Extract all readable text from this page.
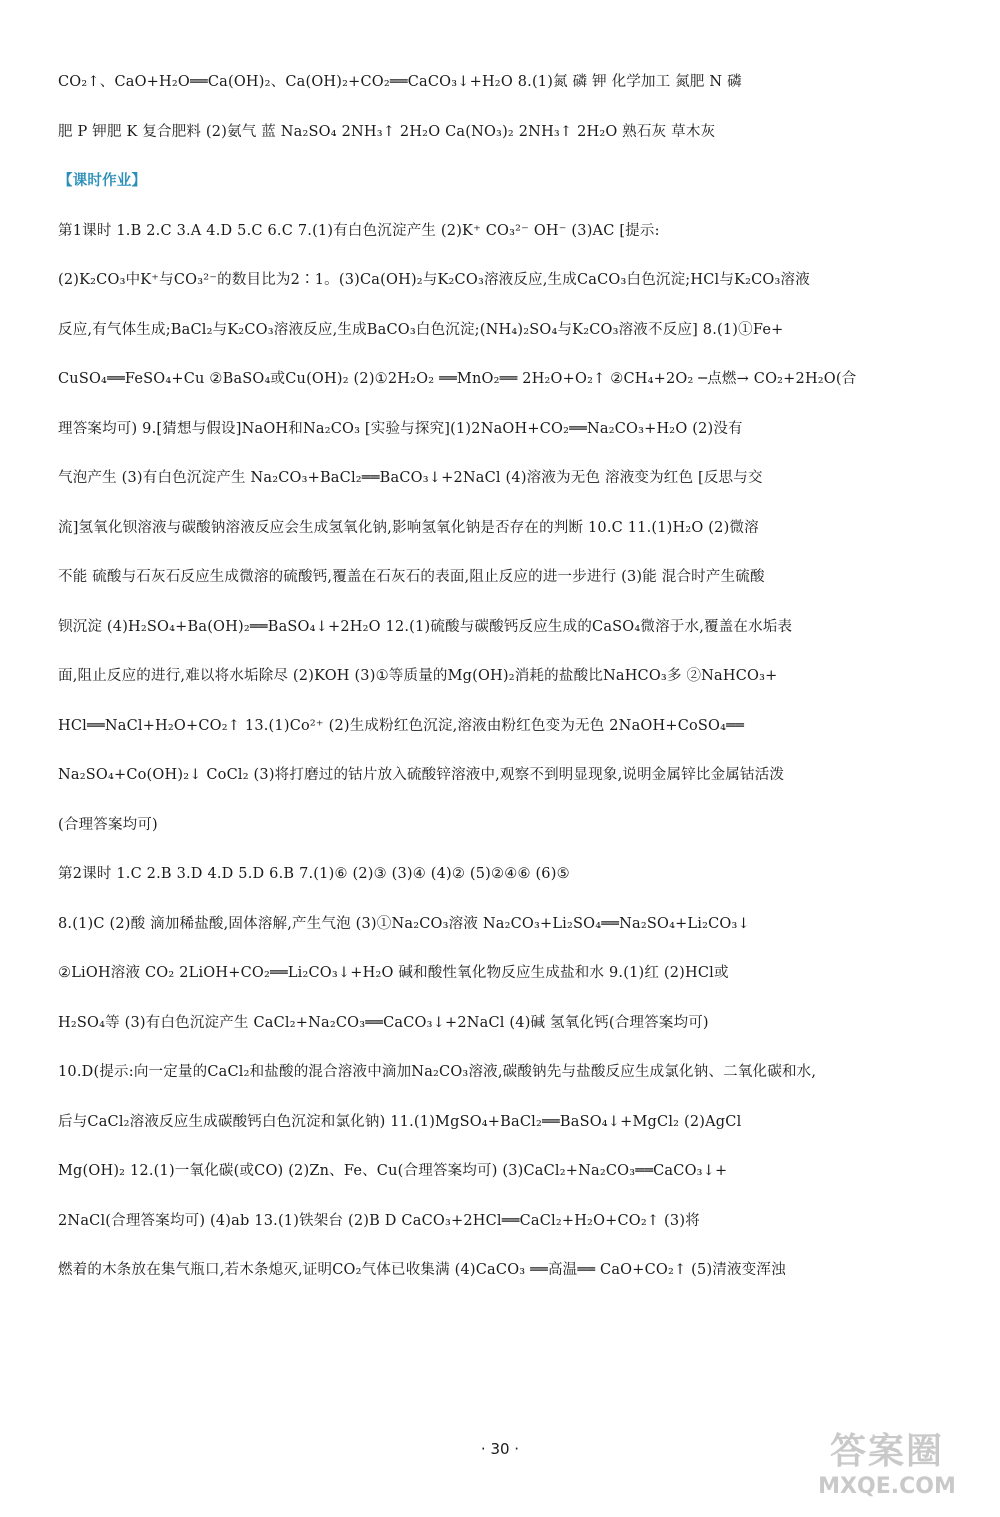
CO₂↑、CaO+H₂O══Ca(OH)₂、Ca(OH)₂+CO₂══CaCO₃↓+H₂O 8.(1)氮 磷 钾 化学加工 氮肥 N 磷
肥 P 钾肥 K 复合肥料 (2)氨气 蓝 Na₂SO₄ 2NH₃↑ 2H₂O Ca(NO₃)₂ 2NH₃↑ 2H₂O 熟石灰 草木灰
【课时作业】
第1课时 1.B 2.C 3.A 4.D 5.C 6.C 7.(1)有白色沉淀产生 (2)K⁺ CO₃²⁻ OH⁻ (3)AC [提示:
(2)K₂CO₃中K⁺与CO₃²⁻的数目比为2∶1。(3)Ca(OH)₂与K₂CO₃溶液反应,生成CaCO₃白色沉淀;HCl与K₂CO₃溶液
反应,有气体生成;BaCl₂与K₂CO₃溶液反应,生成BaCO₃白色沉淀;(NH₄)₂SO₄与K₂CO₃溶液不反应] 8.(1)①Fe+
CuSO₄══FeSO₄+Cu ②BaSO₄或Cu(OH)₂ (2)①2H₂O₂ ══MnO₂══ 2H₂O+O₂↑ ②CH₄+2O₂ ─点燃→ CO₂+2H₂O(合
理答案均可) 9.[猜想与假设]NaOH和Na₂CO₃ [实验与探究](1)2NaOH+CO₂══Na₂CO₃+H₂O (2)没有
气泡产生 (3)有白色沉淀产生 Na₂CO₃+BaCl₂══BaCO₃↓+2NaCl (4)溶液为无色 溶液变为红色 [反思与交
流]氢氧化钡溶液与碳酸钠溶液反应会生成氢氧化钠,影响氢氧化钠是否存在的判断 10.C 11.(1)H₂O (2)微溶
不能 硫酸与石灰石反应生成微溶的硫酸钙,覆盖在石灰石的表面,阻止反应的进一步进行 (3)能 混合时产生硫酸
钡沉淀 (4)H₂SO₄+Ba(OH)₂══BaSO₄↓+2H₂O 12.(1)硫酸与碳酸钙反应生成的CaSO₄微溶于水,覆盖在水垢表
面,阻止反应的进行,难以将水垢除尽 (2)KOH (3)①等质量的Mg(OH)₂消耗的盐酸比NaHCO₃多 ②NaHCO₃+
HCl══NaCl+H₂O+CO₂↑ 13.(1)Co²⁺ (2)生成粉红色沉淀,溶液由粉红色变为无色 2NaOH+CoSO₄══
Na₂SO₄+Co(OH)₂↓ CoCl₂ (3)将打磨过的钴片放入硫酸锌溶液中,观察不到明显现象,说明金属锌比金属钴活泼
(合理答案均可)
第2课时 1.C 2.B 3.D 4.D 5.D 6.B 7.(1)⑥ (2)③ (3)④ (4)② (5)②④⑥ (6)⑤
8.(1)C (2)酸 滴加稀盐酸,固体溶解,产生气泡 (3)①Na₂CO₃溶液 Na₂CO₃+Li₂SO₄══Na₂SO₄+Li₂CO₃↓
②LiOH溶液 CO₂ 2LiOH+CO₂══Li₂CO₃↓+H₂O 碱和酸性氧化物反应生成盐和水 9.(1)红 (2)HCl或
H₂SO₄等 (3)有白色沉淀产生 CaCl₂+Na₂CO₃══CaCO₃↓+2NaCl (4)碱 氢氧化钙(合理答案均可)
10.D(提示:向一定量的CaCl₂和盐酸的混合溶液中滴加Na₂CO₃溶液,碳酸钠先与盐酸反应生成氯化钠、二氧化碳和水,
后与CaCl₂溶液反应生成碳酸钙白色沉淀和氯化钠) 11.(1)MgSO₄+BaCl₂══BaSO₄↓+MgCl₂ (2)AgCl
Mg(OH)₂ 12.(1)一氧化碳(或CO) (2)Zn、Fe、Cu(合理答案均可) (3)CaCl₂+Na₂CO₃══CaCO₃↓+
2NaCl(合理答案均可) (4)ab 13.(1)铁架台 (2)B D CaCO₃+2HCl══CaCl₂+H₂O+CO₂↑ (3)将
燃着的木条放在集气瓶口,若木条熄灭,证明CO₂气体已收集满 (4)CaCO₃ ══高温══ CaO+CO₂↑ (5)清液变浑浊
· 30 ·	答案圈
MXQE.COM
